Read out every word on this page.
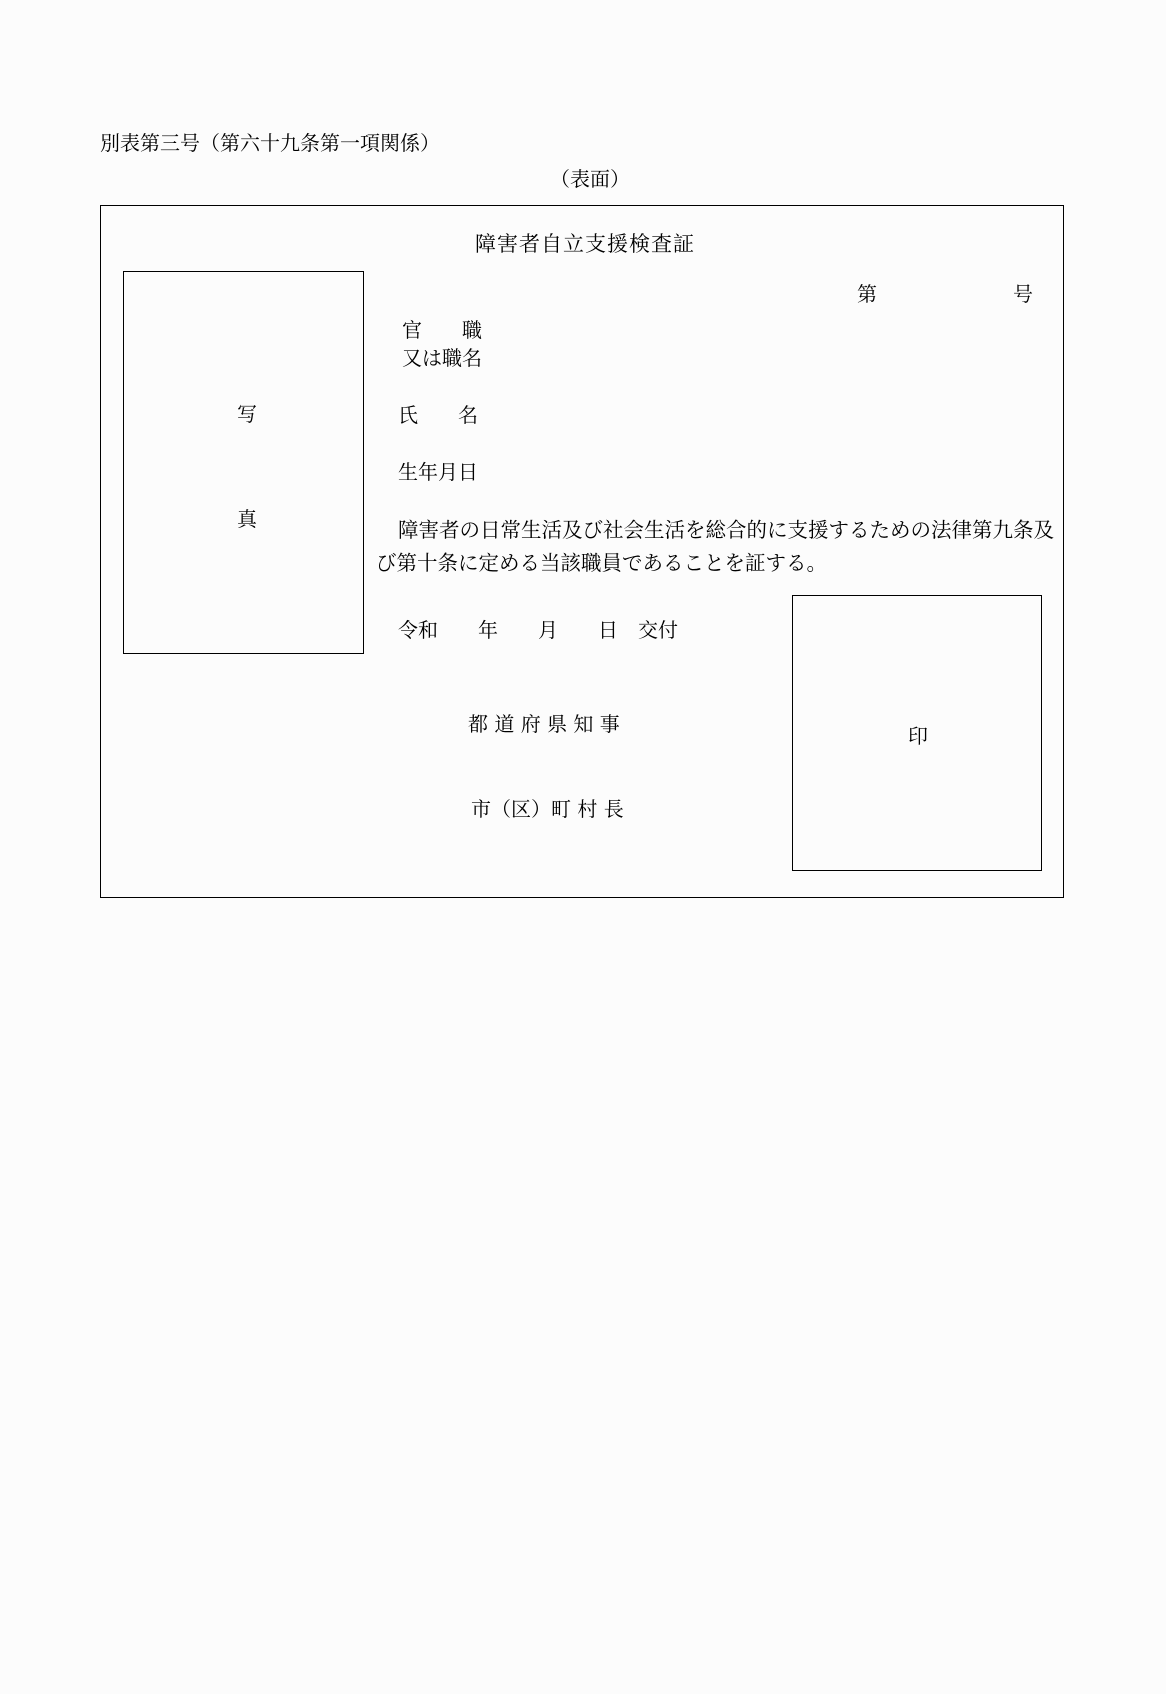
別表第三号（第六十九条第一項関係）
（表面）
障害者自立支援検査証
写
真
第	号
官　　職
又は職名
氏　　名
生年月日
障害者の日常生活及び社会生活を総合的に支援するための法律第九条及び第十条に定める当該職員であることを証する。
令和　　年　　月　　日　交付
都 道 府 県 知 事
市（区）町 村 長
印
